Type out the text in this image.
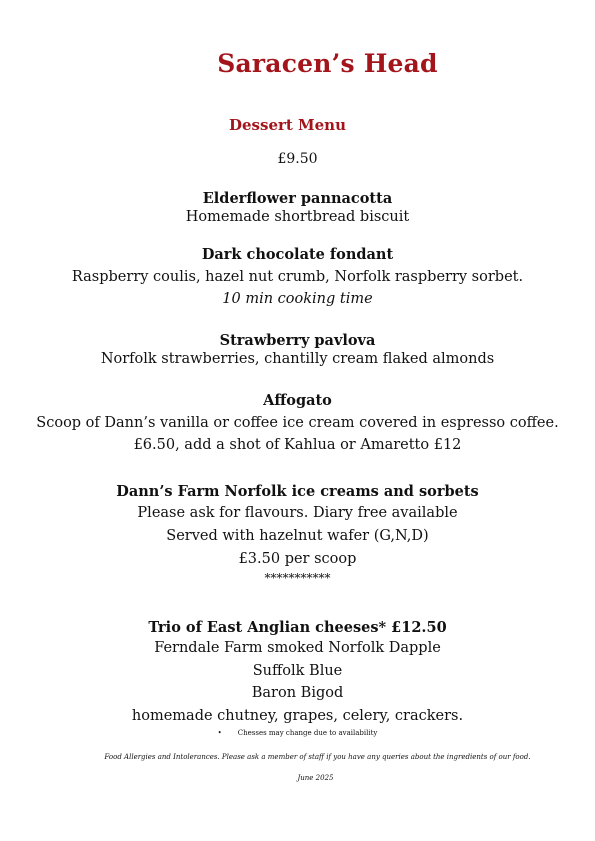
Saracen’s Head
Dessert Menu
£9.50
Elderflower pannacotta
Homemade shortbread biscuit
Dark chocolate fondant
Raspberry coulis, hazel nut crumb, Norfolk raspberry sorbet.
10 min cooking time
Strawberry pavlova
Norfolk strawberries, chantilly cream flaked almonds
Affogato
Scoop of Dann’s vanilla or coffee ice cream covered in espresso coffee.
£6.50, add a shot of Kahlua or Amaretto £12
Dann’s Farm Norfolk ice creams and sorbets
Please ask for flavours. Diary free available
Served with hazelnut wafer (G,N,D)
£3.50 per scoop
***********
Trio of East Anglian cheeses* £12.50
Ferndale Farm smoked Norfolk Dapple
Suffolk Blue
Baron Bigod
homemade chutney, grapes, celery, crackers.
• Chesses may change due to availability
Food Allergies and Intolerances. Please ask a member of staff if you have any queries about the ingredients of our food.
June 2025
